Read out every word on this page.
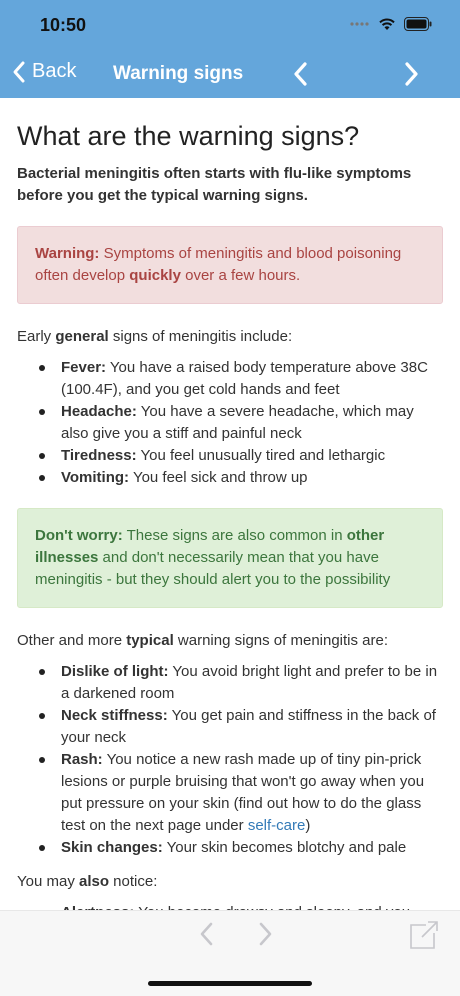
10:50
Back Warning signs
What are the warning signs?

Bacterial meningitis often starts with flu-like symptoms before you get the typical warning signs.

Warning: Symptoms of meningitis and blood poisoning often develop quickly over a few hours.

Early general signs of meningitis include:

Fever: You have a raised body temperature above 38C (100.4F), and you get cold hands and feet
Headache: You have a severe headache, which may also give you a stiff and painful neck
Tiredness: You feel unusually tired and lethargic
Vomiting: You feel sick and throw up
Don't worry: These signs are also common in other illnesses and don't necessarily mean that you have meningitis - but they should alert you to the possibility

Other and more typical warning signs of meningitis are:

Dislike of light: You avoid bright light and prefer to be in a darkened room
Neck stiffness: You get pain and stiffness in the back of your neck
Rash: You notice a new rash made up of tiny pin-prick lesions or purple bruising that won't go away when you put pressure on your skin (find out how to do the glass test on the next page under self-care)
Skin changes: Your skin becomes blotchy and pale

You may also notice:
